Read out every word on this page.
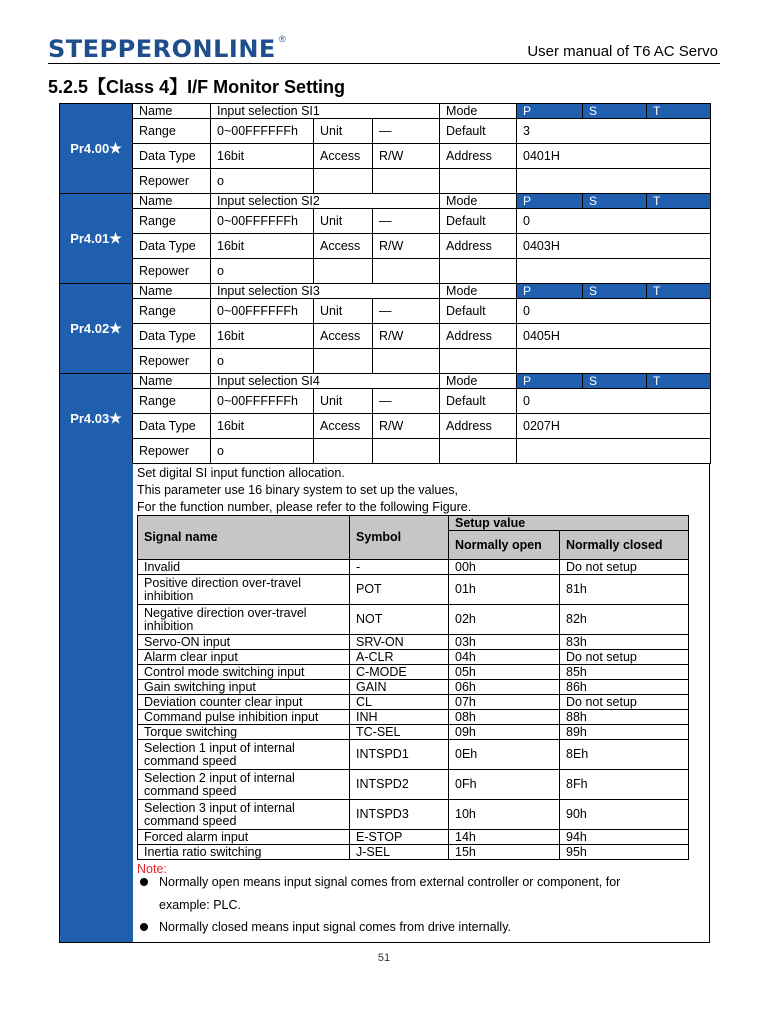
STEPPERONLINE ®
User manual of T6 AC Servo
5.2.5【Class 4】I/F Monitor Setting
Pr4.00★	Name	Input selection SI1			Mode	P	S	T
	Range	0~00FFFFFFh	Unit	—	Default	3		
	Data Type	16bit	Access	R/W	Address	0401H		
	Repower	o						
Pr4.01★	Name	Input selection SI2			Mode	P	S	T
	Range	0~00FFFFFFh	Unit	—	Default	0		
	Data Type	16bit	Access	R/W	Address	0403H		
	Repower	o						
Pr4.02★	Name	Input selection SI3			Mode	P	S	T
	Range	0~00FFFFFFh	Unit	—	Default	0		
	Data Type	16bit	Access	R/W	Address	0405H		
	Repower	o						
Pr4.03★	Name	Input selection SI4			Mode	P	S	T
	Range	0~00FFFFFFh	Unit	—	Default	0		
	Data Type	16bit	Access	R/W	Address	0207H		
	Repower	o						
Set digital SI input function allocation.
This parameter use 16 binary system to set up the values,
For the function number, please refer to the following Figure.
Signal name	Symbol	Setup value	
		Normally open	Normally closed
Invalid	-	00h	Do not setup
Positive direction over-travel inhibition	POT	01h	81h
Negative direction over-travel inhibition	NOT	02h	82h
Servo-ON input	SRV-ON	03h	83h
Alarm clear input	A-CLR	04h	Do not setup
Control mode switching input	C-MODE	05h	85h
Gain switching input	GAIN	06h	86h
Deviation counter clear input	CL	07h	Do not setup
Command pulse inhibition input	INH	08h	88h
Torque switching	TC-SEL	09h	89h
Selection 1 input of internal command speed	INTSPD1	0Eh	8Eh
Selection 2 input of internal command speed	INTSPD2	0Fh	8Fh
Selection 3 input of internal command speed	INTSPD3	10h	90h
Forced alarm input	E-STOP	14h	94h
Inertia ratio switching	J-SEL	15h	95h
Note:
Normally open means input signal comes from external controller or component, for
example: PLC.
Normally closed means input signal comes from drive internally.
51
